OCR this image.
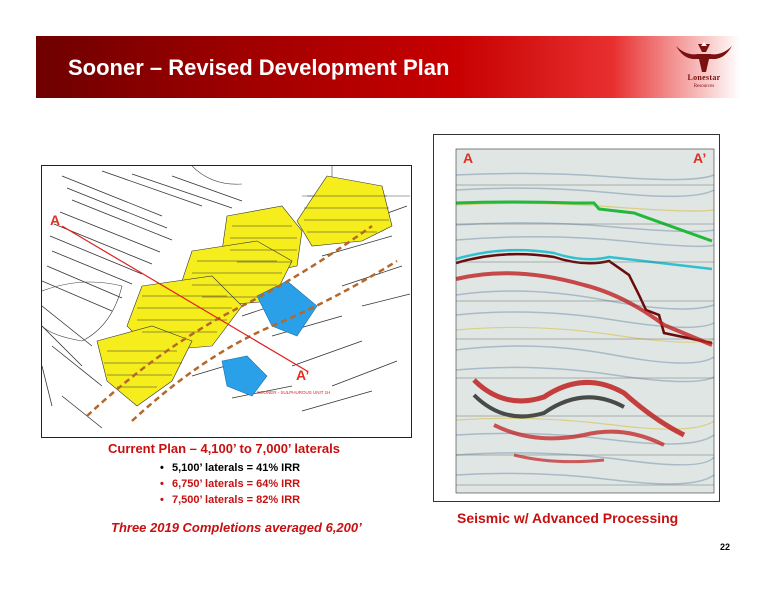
Sooner – Revised Development Plan	Lonestar
Resources
SOONER - SULPHUROUS UNIT 1H
A
A’
A	A’
Current Plan – 4,100’ to 7,000’ laterals
• 5,100’ laterals = 41% IRR
• 6,750’ laterals = 64% IRR
• 7,500’ laterals = 82% IRR
Three 2019 Completions averaged 6,200’
Seismic w/ Advanced Processing
22
